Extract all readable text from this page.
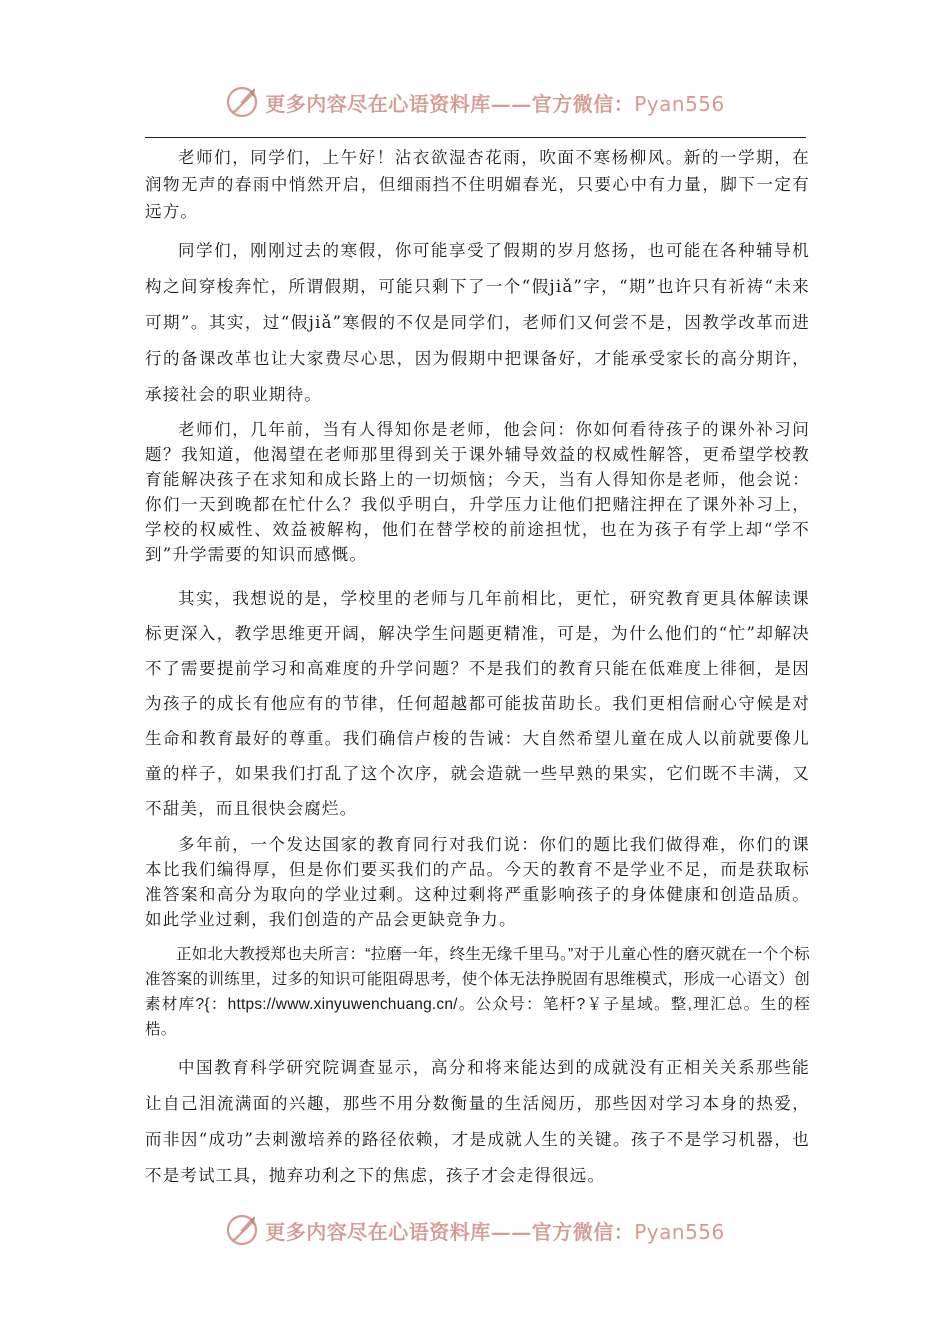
更多内容尽在心语资料库——官方微信：Pyan556

老师们，同学们，上午好！沾衣欲湿杏花雨，吹面不寒杨柳风。新的一学期，在润物无声的春雨中悄然开启，但细雨挡不住明媚春光，只要心中有力量，脚下一定有远方。

同学们，刚刚过去的寒假，你可能享受了假期的岁月悠扬，也可能在各种辅导机构之间穿梭奔忙，所谓假期，可能只剩下了一个“假jiǎ”字，“期”也许只有祈祷“未来可期”。其实，过“假jiǎ”寒假的不仅是同学们，老师们又何尝不是，因教学改革而进行的备课改革也让大家费尽心思，因为假期中把课备好，才能承受家长的高分期许，承接社会的职业期待。

老师们，几年前，当有人得知你是老师，他会问：你如何看待孩子的课外补习问题？我知道，他渴望在老师那里得到关于课外辅导效益的权威性解答，更希望学校教育能解决孩子在求知和成长路上的一切烦恼；今天，当有人得知你是老师，他会说：你们一天到晚都在忙什么？我似乎明白，升学压力让他们把赌注押在了课外补习上，学校的权威性、效益被解构，他们在替学校的前途担忧，也在为孩子有学上却“学不到”升学需要的知识而感慨。

其实，我想说的是，学校里的老师与几年前相比，更忙，研究教育更具体解读课标更深入，教学思维更开阔，解决学生问题更精准，可是，为什么他们的“忙”却解决不了需要提前学习和高难度的升学问题？不是我们的教育只能在低难度上徘徊，是因为孩子的成长有他应有的节律，任何超越都可能拔苗助长。我们更相信耐心守候是对生命和教育最好的尊重。我们确信卢梭的告诫：大自然希望儿童在成人以前就要像儿童的样子，如果我们打乱了这个次序，就会造就一些早熟的果实，它们既不丰满，又不甜美，而且很快会腐烂。

多年前，一个发达国家的教育同行对我们说：你们的题比我们做得难，你们的课本比我们编得厚，但是你们要买我们的产品。今天的教育不是学业不足，而是获取标准答案和高分为取向的学业过剩。这种过剩将严重影响孩子的身体健康和创造品质。如此学业过剩，我们创造的产品会更缺竞争力。

正如北大教授郑也夫所言：“拉磨一年，终生无缘千里马。”对于儿童心性的磨灭就在一个个标准答案的训练里，过多的知识可能阻碍思考，使个体无法挣脱固有思维模式，形成一心语文）创素材库?{：https://www.xinyuwenchuang.cn/。公众号：笔杆?￥子星域。整,理汇总。生的桎梏。

中国教育科学研究院调查显示，高分和将来能达到的成就没有正相关关系那些能让自己泪流满面的兴趣，那些不用分数衡量的生活阅历，那些因对学习本身的热爱，而非因“成功”去刺激培养的路径依赖，才是成就人生的关键。孩子不是学习机器，也不是考试工具，抛弃功利之下的焦虑，孩子才会走得很远。

更多内容尽在心语资料库——官方微信：Pyan556
